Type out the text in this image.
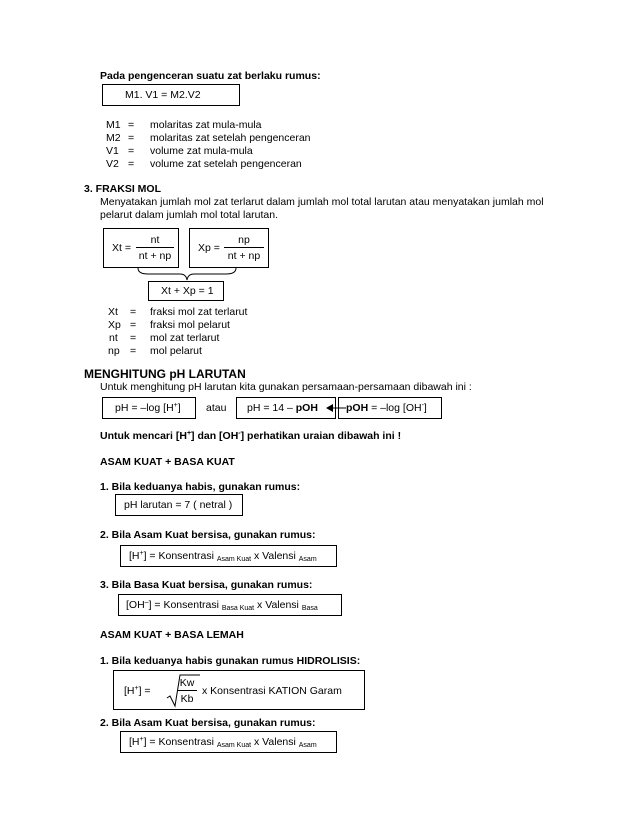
Pada pengenceran suatu zat berlaku rumus:
M1. V1 = M2.V2
M1 = molaritas zat mula-mula
M2 = molaritas zat setelah pengenceran
V1 = volume zat mula-mula
V2 = volume zat setelah pengenceran
3. FRAKSI MOL
Menyatakan jumlah mol zat terlarut dalam jumlah mol total larutan atau menyatakan jumlah mol
pelarut dalam jumlah mol total larutan.
Xt =
nt
nt + np
Xp =
np
nt + np
Xt + Xp = 1
Xt = fraksi mol zat terlarut
Xp = fraksi mol pelarut
nt = mol zat terlarut
np = mol pelarut
MENGHITUNG pH LARUTAN
Untuk menghitung pH larutan kita gunakan persamaan-persamaan dibawah ini :
pH = –log [H+] atau pH = 14 – pOH	pOH = –log [OH-]
Untuk mencari [H+] dan [OH-] perhatikan uraian dibawah ini !
ASAM KUAT + BASA KUAT
1. Bila keduanya habis, gunakan rumus:
pH larutan = 7 ( netral )
2. Bila Asam Kuat bersisa, gunakan rumus:
[H+] = Konsentrasi $_{Asam Kuat}$ x Valensi $_{Asam}$
3. Bila Basa Kuat bersisa, gunakan rumus:
[OH–] = Konsentrasi $_{Basa Kuat}$ x Valensi $_{Basa}$
ASAM KUAT + BASA LEMAH
1. Bila keduanya habis gunakan rumus HIDROLISIS:
[H+] =
Kw
Kb
x Konsentrasi KATION Garam
2. Bila Asam Kuat bersisa, gunakan rumus:
[H+] = Konsentrasi $_{Asam Kuat}$ x Valensi $_{Asam}$
